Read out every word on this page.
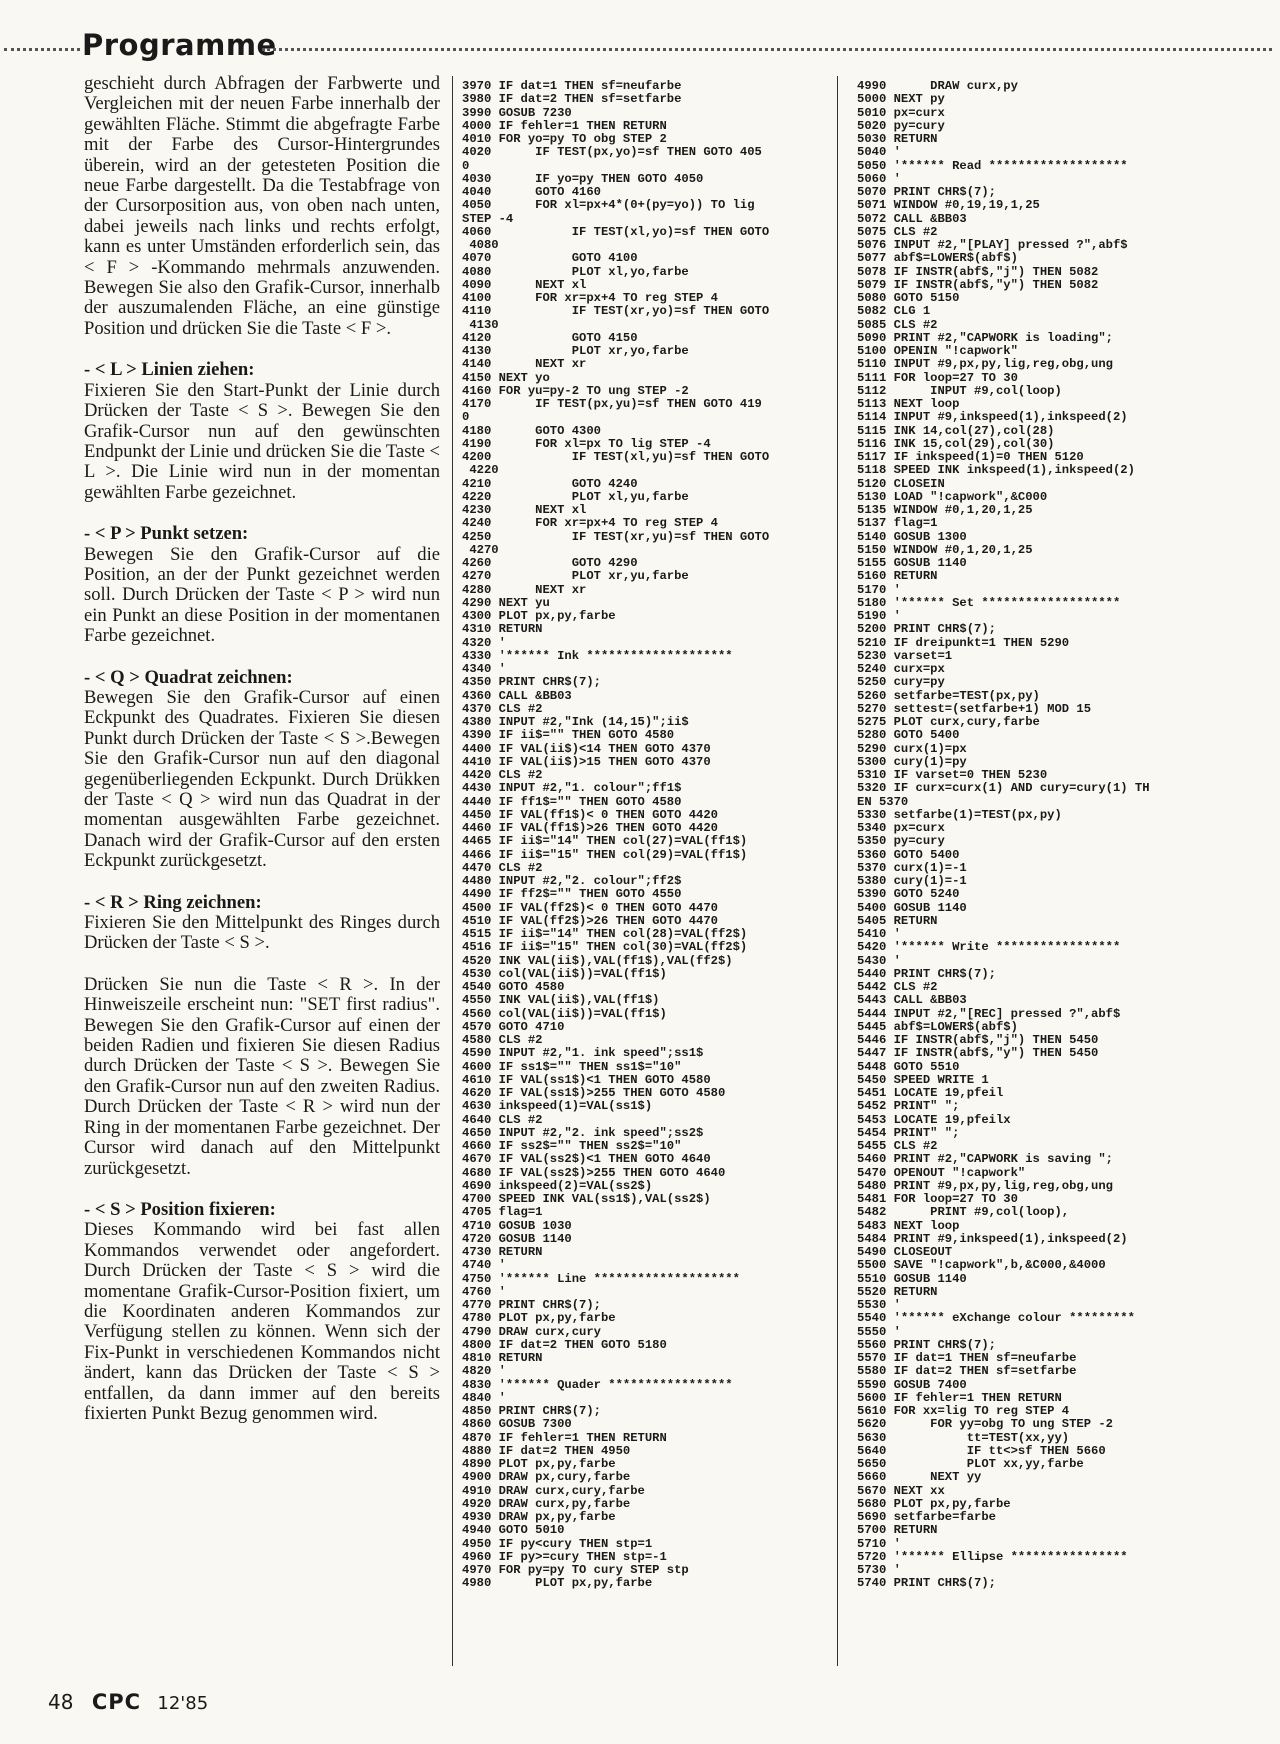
Programme

geschieht durch Abfragen der Farbwerte und Vergleichen mit der neuen Farbe innerhalb der gewählten Fläche. Stimmt die abgefragte Farbe mit der Farbe des Cursor-Hintergrundes überein, wird an der getesteten Position die neue Farbe dargestellt. Da die Testabfrage von der Cursorposition aus, von oben nach unten, dabei jeweils nach links und rechts erfolgt, kann es unter Umständen erforderlich sein, das < F > -Kommando mehrmals anzuwenden. Bewegen Sie also den Grafik-Cursor, innerhalb der auszumalenden Fläche, an eine günstige Position und drücken Sie die Taste < F >.

- < L > Linien ziehen:
Fixieren Sie den Start-Punkt der Linie durch Drücken der Taste < S >. Bewegen Sie den Grafik-Cursor nun auf den gewünschten Endpunkt der Linie und drücken Sie die Taste < L >. Die Linie wird nun in der momentan gewählten Farbe gezeichnet.

- < P > Punkt setzen:
Bewegen Sie den Grafik-Cursor auf die Position, an der der Punkt gezeichnet werden soll. Durch Drücken der Taste < P > wird nun ein Punkt an diese Position in der momentanen Farbe gezeichnet.

- < Q > Quadrat zeichnen:
Bewegen Sie den Grafik-Cursor auf einen Eckpunkt des Quadrates. Fixieren Sie diesen Punkt durch Drücken der Taste < S >.Bewegen Sie den Grafik-Cursor nun auf den diagonal gegenüberliegenden Eckpunkt. Durch Drükken der Taste < Q > wird nun das Quadrat in der momentan ausgewählten Farbe gezeichnet. Danach wird der Grafik-Cursor auf den ersten Eckpunkt zurückgesetzt.

- < R > Ring zeichnen:
Fixieren Sie den Mittelpunkt des Ringes durch Drücken der Taste < S >.

Drücken Sie nun die Taste < R >. In der Hinweiszeile erscheint nun: "SET first radius". Bewegen Sie den Grafik-Cursor auf einen der beiden Radien und fixieren Sie diesen Radius durch Drücken der Taste < S >. Bewegen Sie den Grafik-Cursor nun auf den zweiten Radius. Durch Drücken der Taste < R > wird nun der Ring in der momentanen Farbe gezeichnet. Der Cursor wird danach auf den Mittelpunkt zurückgesetzt.

- < S > Position fixieren:
Dieses Kommando wird bei fast allen Kommandos verwendet oder angefordert. Durch Drücken der Taste < S > wird die momentane Grafik-Cursor-Position fixiert, um die Koordinaten anderen Kommandos zur Verfügung stellen zu können. Wenn sich der Fix-Punkt in verschiedenen Kommandos nicht ändert, kann das Drücken der Taste < S > entfallen, da dann immer auf den bereits fixierten Punkt Bezug genommen wird.

3970 IF dat=1 THEN sf=neufarbe
3980 IF dat=2 THEN sf=setfarbe
3990 GOSUB 7230
4000 IF fehler=1 THEN RETURN
4010 FOR yo=py TO obg STEP 2
4020      IF TEST(px,yo)=sf THEN GOTO 405
0
4030      IF yo=py THEN GOTO 4050
4040      GOTO 4160
4050      FOR xl=px+4*(0+(py=yo)) TO lig
STEP -4
4060           IF TEST(xl,yo)=sf THEN GOTO
4080
4070           GOTO 4100
4080           PLOT xl,yo,farbe
4090      NEXT xl
4100      FOR xr=px+4 TO reg STEP 4
4110           IF TEST(xr,yo)=sf THEN GOTO
4130
4120           GOTO 4150
4130           PLOT xr,yo,farbe
4140      NEXT xr
4150 NEXT yo
4160 FOR yu=py-2 TO ung STEP -2
4170      IF TEST(px,yu)=sf THEN GOTO 419
0
4180      GOTO 4300
4190      FOR xl=px TO lig STEP -4
4200           IF TEST(xl,yu)=sf THEN GOTO
4220
4210           GOTO 4240
4220           PLOT xl,yu,farbe
4230      NEXT xl
4240      FOR xr=px+4 TO reg STEP 4
4250           IF TEST(xr,yu)=sf THEN GOTO
4270
4260           GOTO 4290
4270           PLOT xr,yu,farbe
4280      NEXT xr
4290 NEXT yu
4300 PLOT px,py,farbe
4310 RETURN
4320 '
4330 '****** Ink ********************
4340 '
4350 PRINT CHR$(7);
4360 CALL &BB03
4370 CLS #2
4380 INPUT #2,"Ink (14,15)";ii$
4390 IF ii$="" THEN GOTO 4580
4400 IF VAL(ii$)<14 THEN GOTO 4370
4410 IF VAL(ii$)>15 THEN GOTO 4370
4420 CLS #2
4430 INPUT #2,"1. colour";ff1$
4440 IF ff1$="" THEN GOTO 4580
4450 IF VAL(ff1$)< 0 THEN GOTO 4420
4460 IF VAL(ff1$)>26 THEN GOTO 4420
4465 IF ii$="14" THEN col(27)=VAL(ff1$)
4466 IF ii$="15" THEN col(29)=VAL(ff1$)
4470 CLS #2
4480 INPUT #2,"2. colour";ff2$
4490 IF ff2$="" THEN GOTO 4550
4500 IF VAL(ff2$)< 0 THEN GOTO 4470
4510 IF VAL(ff2$)>26 THEN GOTO 4470
4515 IF ii$="14" THEN col(28)=VAL(ff2$)
4516 IF ii$="15" THEN col(30)=VAL(ff2$)
4520 INK VAL(ii$),VAL(ff1$),VAL(ff2$)
4530 col(VAL(ii$))=VAL(ff1$)
4540 GOTO 4580
4550 INK VAL(ii$),VAL(ff1$)
4560 col(VAL(ii$))=VAL(ff1$)
4570 GOTO 4710
4580 CLS #2
4590 INPUT #2,"1. ink speed";ss1$
4600 IF ss1$="" THEN ss1$="10"
4610 IF VAL(ss1$)<1 THEN GOTO 4580
4620 IF VAL(ss1$)>255 THEN GOTO 4580
4630 inkspeed(1)=VAL(ss1$)
4640 CLS #2
4650 INPUT #2,"2. ink speed";ss2$
4660 IF ss2$="" THEN ss2$="10"
4670 IF VAL(ss2$)<1 THEN GOTO 4640
4680 IF VAL(ss2$)>255 THEN GOTO 4640
4690 inkspeed(2)=VAL(ss2$)
4700 SPEED INK VAL(ss1$),VAL(ss2$)
4705 flag=1
4710 GOSUB 1030
4720 GOSUB 1140
4730 RETURN
4740 '
4750 '****** Line ********************
4760 '
4770 PRINT CHR$(7);
4780 PLOT px,py,farbe
4790 DRAW curx,cury
4800 IF dat=2 THEN GOTO 5180
4810 RETURN
4820 '
4830 '****** Quader *****************
4840 '
4850 PRINT CHR$(7);
4860 GOSUB 7300
4870 IF fehler=1 THEN RETURN
4880 IF dat=2 THEN 4950
4890 PLOT px,py,farbe
4900 DRAW px,cury,farbe
4910 DRAW curx,cury,farbe
4920 DRAW curx,py,farbe
4930 DRAW px,py,farbe
4940 GOTO 5010
4950 IF py<cury THEN stp=1
4960 IF py>=cury THEN stp=-1
4970 FOR py=py TO cury STEP stp
4980      PLOT px,py,farbe
4990      DRAW curx,py
5000 NEXT py
5010 px=curx
5020 py=cury
5030 RETURN
5040 '
5050 '****** Read *******************
5060 '
5070 PRINT CHR$(7);
5071 WINDOW #0,19,19,1,25
5072 CALL &BB03
5075 CLS #2
5076 INPUT #2,"[PLAY] pressed ?",abf$
5077 abf$=LOWER$(abf$)
5078 IF INSTR(abf$,"j") THEN 5082
5079 IF INSTR(abf$,"y") THEN 5082
5080 GOTO 5150
5082 CLG 1
5085 CLS #2
5090 PRINT #2,"CAPWORK is loading";
5100 OPENIN "!capwork"
5110 INPUT #9,px,py,lig,reg,obg,ung
5111 FOR loop=27 TO 30
5112      INPUT #9,col(loop)
5113 NEXT loop
5114 INPUT #9,inkspeed(1),inkspeed(2)
5115 INK 14,col(27),col(28)
5116 INK 15,col(29),col(30)
5117 IF inkspeed(1)=0 THEN 5120
5118 SPEED INK inkspeed(1),inkspeed(2)
5120 CLOSEIN
5130 LOAD "!capwork",&C000
5135 WINDOW #0,1,20,1,25
5137 flag=1
5140 GOSUB 1300
5150 WINDOW #0,1,20,1,25
5155 GOSUB 1140
5160 RETURN
5170 '
5180 '****** Set *******************
5190 '
5200 PRINT CHR$(7);
5210 IF dreipunkt=1 THEN 5290
5230 varset=1
5240 curx=px
5250 cury=py
5260 setfarbe=TEST(px,py)
5270 settest=(setfarbe+1) MOD 15
5275 PLOT curx,cury,farbe
5280 GOTO 5400
5290 curx(1)=px
5300 cury(1)=py
5310 IF varset=0 THEN 5230
5320 IF curx=curx(1) AND cury=cury(1) TH
EN 5370
5330 setfarbe(1)=TEST(px,py)
5340 px=curx
5350 py=cury
5360 GOTO 5400
5370 curx(1)=-1
5380 cury(1)=-1
5390 GOTO 5240
5400 GOSUB 1140
5405 RETURN
5410 '
5420 '****** Write *****************
5430 '
5440 PRINT CHR$(7);
5442 CLS #2
5443 CALL &BB03
5444 INPUT #2,"[REC] pressed ?",abf$
5445 abf$=LOWER$(abf$)
5446 IF INSTR(abf$,"j") THEN 5450
5447 IF INSTR(abf$,"y") THEN 5450
5448 GOTO 5510
5450 SPEED WRITE 1
5451 LOCATE 19,pfeil
5452 PRINT" ";
5453 LOCATE 19,pfeilx
5454 PRINT" ";
5455 CLS #2
5460 PRINT #2,"CAPWORK is saving ";
5470 OPENOUT "!capwork"
5480 PRINT #9,px,py,lig,reg,obg,ung
5481 FOR loop=27 TO 30
5482      PRINT #9,col(loop),
5483 NEXT loop
5484 PRINT #9,inkspeed(1),inkspeed(2)
5490 CLOSEOUT
5500 SAVE "!capwork",b,&C000,&4000
5510 GOSUB 1140
5520 RETURN
5530 '
5540 '****** eXchange colour *********
5550 '
5560 PRINT CHR$(7);
5570 IF dat=1 THEN sf=neufarbe
5580 IF dat=2 THEN sf=setfarbe
5590 GOSUB 7400
5600 IF fehler=1 THEN RETURN
5610 FOR xx=lig TO reg STEP 4
5620      FOR yy=obg TO ung STEP -2
5630           tt=TEST(xx,yy)
5640           IF tt<>sf THEN 5660
5650           PLOT xx,yy,farbe
5660      NEXT yy
5670 NEXT xx
5680 PLOT px,py,farbe
5690 setfarbe=farbe
5700 RETURN
5710 '
5720 '****** Ellipse ****************
5730 '
5740 PRINT CHR$(7);
48 CPC 12'85
